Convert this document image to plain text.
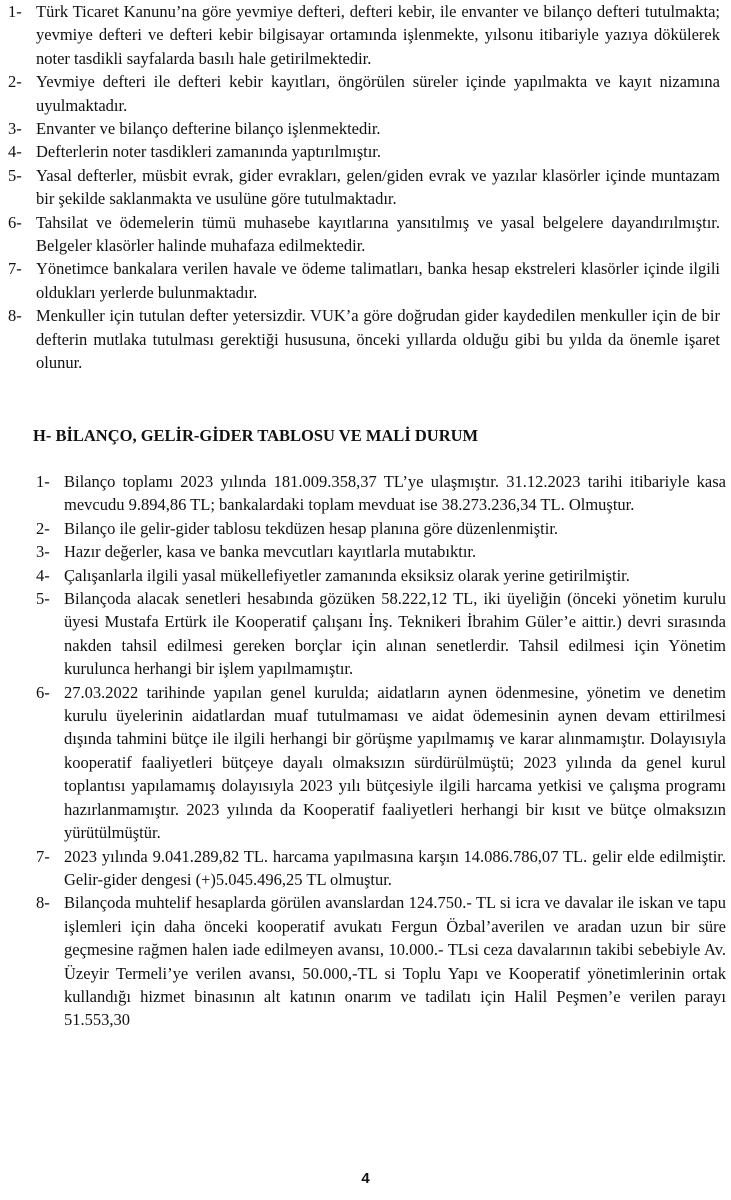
1- Türk Ticaret Kanunu’na göre yevmiye defteri, defteri kebir, ile envanter ve bilanço defteri tutulmakta; yevmiye defteri ve defteri kebir bilgisayar ortamında işlenmekte, yılsonu itibariyle yazıya dökülerek noter tasdikli sayfalarda basılı hale getirilmektedir.
2- Yevmiye defteri ile defteri kebir kayıtları, öngörülen süreler içinde yapılmakta ve kayıt nizamına uyulmaktadır.
3- Envanter ve bilanço defterine bilanço işlenmektedir.
4- Defterlerin noter tasdikleri zamanında yaptırılmıştır.
5- Yasal defterler, müsbit evrak, gider evrakları, gelen/giden evrak ve yazılar klasörler içinde muntazam bir şekilde saklanmakta ve usulüne göre tutulmaktadır.
6- Tahsilat ve ödemelerin tümü muhasebe kayıtlarına yansıtılmış ve yasal belgelere dayandırılmıştır. Belgeler klasörler halinde muhafaza edilmektedir.
7- Yönetimce bankalara verilen havale ve ödeme talimatları, banka hesap ekstreleri klasörler içinde ilgili oldukları yerlerde bulunmaktadır.
8- Menkuller için tutulan defter yetersizdir. VUK’a göre doğrudan gider kaydedilen menkuller için de bir defterin mutlaka tutulması gerektiği hususuna, önceki yıllarda olduğu gibi bu yılda da önemle işaret olunur.
H- BİLANÇO, GELİR-GİDER TABLOSU VE MALİ DURUM
1- Bilanço toplamı 2023 yılında 181.009.358,37 TL’ye ulaşmıştır. 31.12.2023 tarihi itibariyle kasa mevcudu 9.894,86 TL; bankalardaki toplam mevduat ise 38.273.236,34 TL. Olmuştur.
2- Bilanço ile gelir-gider tablosu tekdüzen hesap planına göre düzenlenmiştir.
3- Hazır değerler, kasa ve banka mevcutları kayıtlarla mutabıktır.
4- Çalışanlarla ilgili yasal mükellefiyetler zamanında eksiksiz olarak yerine getirilmiştir.
5- Bilançoda alacak senetleri hesabında gözüken 58.222,12 TL, iki üyeliğin (önceki yönetim kurulu üyesi Mustafa Ertürk ile Kooperatif çalışanı İnş. Teknikeri İbrahim Güler’e aittir.) devri sırasında nakden tahsil edilmesi gereken borçlar için alınan senetlerdir. Tahsil edilmesi için Yönetim kurulunca herhangi bir işlem yapılmamıştır.
6- 27.03.2022 tarihinde yapılan genel kurulda; aidatların aynen ödenmesine, yönetim ve denetim kurulu üyelerinin aidatlardan muaf tutulmaması ve aidat ödemesinin aynen devam ettirilmesi dışında tahmini bütçe ile ilgili herhangi bir görüşme yapılmamış ve karar alınmamıştır. Dolayısıyla kooperatif faaliyetleri bütçeye dayalı olmaksızın sürdürülmüştü; 2023 yılında da genel kurul toplantısı yapılamamış dolayısıyla 2023 yılı bütçesiyle ilgili harcama yetkisi ve çalışma programı hazırlanmamıştır. 2023 yılında da Kooperatif faaliyetleri herhangi bir kısıt ve bütçe olmaksızın yürütülmüştür.
7- 2023 yılında 9.041.289,82 TL. harcama yapılmasına karşın 14.086.786,07 TL. gelir elde edilmiştir. Gelir-gider dengesi (+)5.045.496,25 TL olmuştur.
8- Bilançoda muhtelif hesaplarda görülen avanslardan 124.750.- TL si icra ve davalar ile iskan ve tapu işlemleri için daha önceki kooperatif avukatı Fergun Özbal’averilen ve aradan uzun bir süre geçmesine rağmen halen iade edilmeyen avansı, 10.000.- TLsi ceza davalarının takibi sebebiyle Av. Üzeyir Termeli’ye verilen avansı, 50.000,-TL si Toplu Yapı ve Kooperatif yönetimlerinin ortak kullandığı hizmet binasının alt katının onarım ve tadilatı için Halil Peşmen’e verilen parayı 51.553,30
4
